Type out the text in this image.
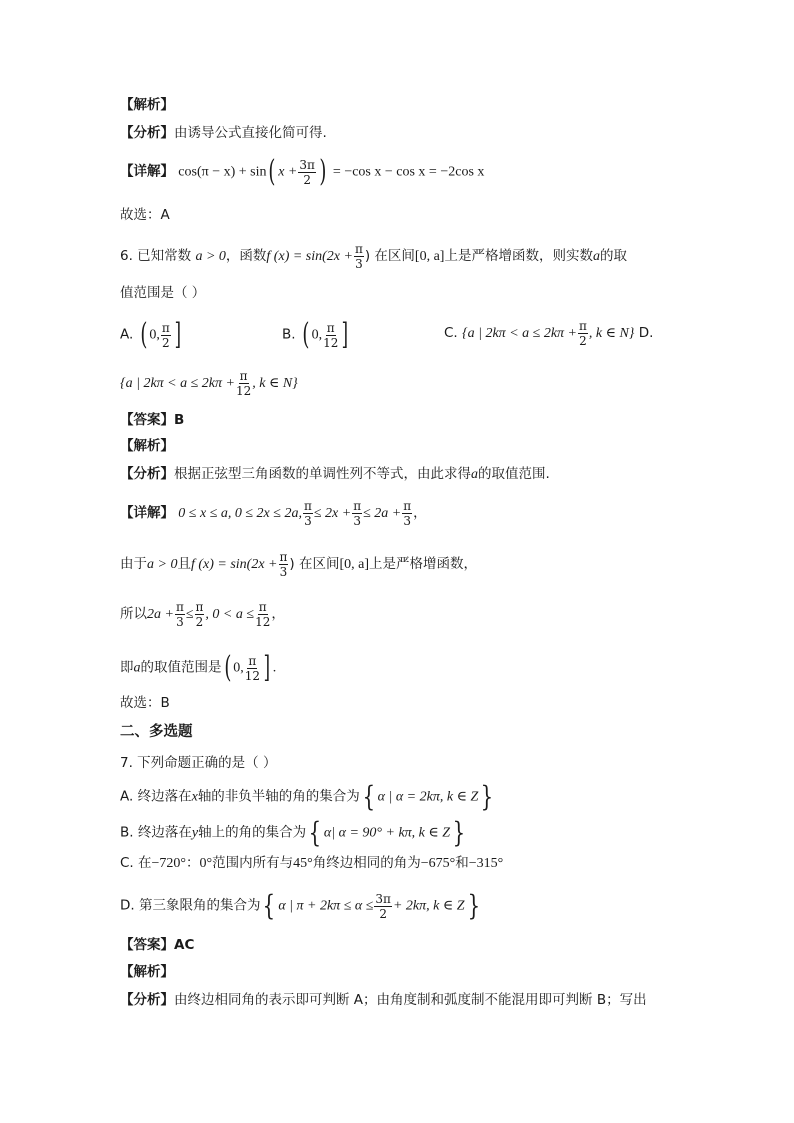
【解析】
【分析】由诱导公式直接化简可得.
【详解】 cos(π − x) + sin( $x + \frac{3\pi}{2}$ ) = −cos x − cos x = −2cos x
故选：A
6. 已知常数 a > 0，函数f $(x) = \sin(2x + \frac{\pi}{3}$ ) 在区间[0, a]上是严格增函数，则实数a的取
值范围是（ ）
A. ( 0, $\frac{\pi}{2}$ ]	B. ( 0, $\frac{\pi}{12}$ ]	C. {a | $2k\pi < a \le 2k\pi + \frac{\pi}{2}$ , k ∈ N} D.
{a | $2k\pi < a \le 2k\pi + \frac{\pi}{12}$ , k ∈ N}
【答案】B
【解析】
【分析】根据正弦型三角函数的单调性列不等式，由此求得a的取值范围.
【详解】 0 ≤ x ≤ a, 0 ≤ 2x ≤ 2a, $\frac{\pi}{3} \le 2x + \frac{\pi}{3} \le 2a + \frac{\pi}{3}$ ，
由于a > 0且f $(x) = \sin(2x + \frac{\pi}{3}$ ) 在区间[0, a]上是严格增函数，
所以$2a + \frac{\pi}{3} \le \frac{\pi}{2}$ , $0 < a \le \frac{\pi}{12}$ ，
即a的取值范围是( 0, $\frac{\pi}{12}$ ] .
故选：B
二、多选题
7. 下列命题正确的是（ ）
A. 终边落在x轴的非负半轴的角的集合为{ α | α = 2kπ, k ∈ Z}
B. 终边落在y轴上的角的集合为{ α| α = 90° + kπ, k ∈ Z}
C. 在−720°：0°范围内所有与45°角终边相同的角为−675°和−315°
D. 第三象限角的集合为{ α | $\pi + 2k\pi \le \alpha \le \frac{3\pi}{2} + 2k\pi$, k ∈ Z}
【答案】AC
【解析】
【分析】由终边相同角的表示即可判断 A；由角度制和弧度制不能混用即可判断 B；写出
